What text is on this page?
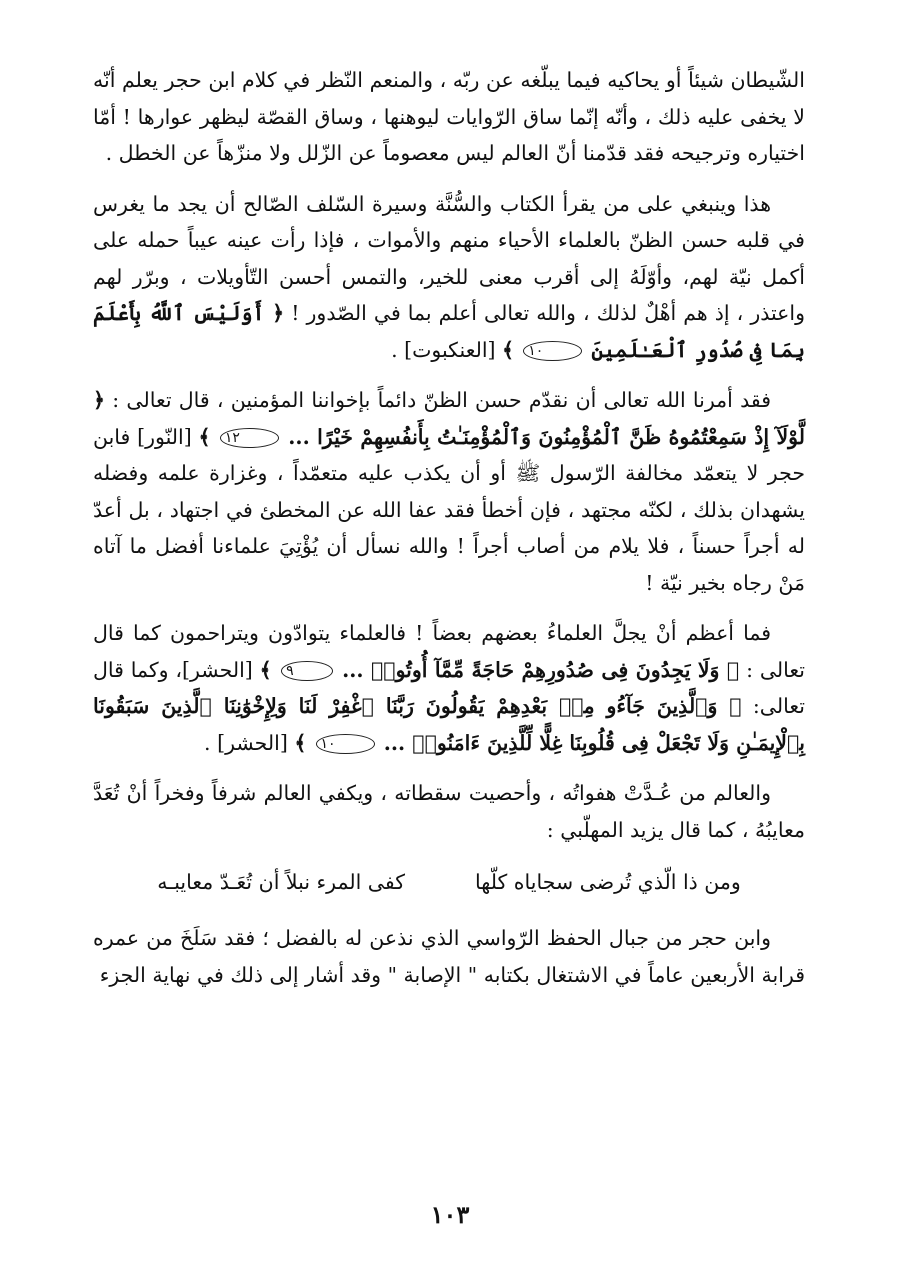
الشّيطان شيئاً أو يحاكيه فيما يبلّغه عن ربّه ، والمنعم النّظر في كلام ابن حجر يعلم أنّه لا يخفى عليه ذلك ، وأنّه إنّما ساق الرّوايات ليوهنها ، وساق القصّة ليظهر عوارها ! أمّا اختياره وترجيحه فقد قدّمنا أنّ العالم ليس معصوماً عن الزّلل ولا منزّهاً عن الخطل .

هذا وينبغي على من يقرأ الكتاب والسُّنَّة وسيرة السّلف الصّالح أن يجد ما يغرس في قلبه حسن الظنّ بالعلماء الأحياء منهم والأموات ، فإذا رأت عينه عيباً حمله على أكمل نيّة لهم، وأوّلَهُ إلى أقرب معنى للخير، والتمس أحسن التّأويلات ، وبرّر لهم واعتذر ، إذ هم أهْلٌ لذلك ، والله تعالى أعلم بما في الصّدور ! ﴿ أَوَلَيْسَ ٱللَّهُ بِأَعْلَمَ بِمَا فِى صُدُورِ ٱلْعَـٰلَمِينَ ١٠ ﴾ [العنكبوت] .

فقد أمرنا الله تعالى أن نقدّم حسن الظنّ دائماً بإخواننا المؤمنين ، قال تعالى : ﴿ لَّوْلَآ إِذْ سَمِعْتُمُوهُ ظَنَّ ٱلْمُؤْمِنُونَ وَٱلْمُؤْمِنَـٰتُ بِأَنفُسِهِمْ خَيْرًا ... ١٢ ﴾ [النّور] فابن حجر لا يتعمّد مخالفة الرّسول ﷺ أو أن يكذب عليه متعمّداً ، وغزارة علمه وفضله يشهدان بذلك ، لكنّه مجتهد ، فإن أخطأ فقد عفا الله عن المخطئ في اجتهاد ، بل أعدّ له أجراً حسناً ، فلا يلام من أصاب أجراً ! والله نسأل أن يُؤْتِيَ علماءنا أفضل ما آتاه مَنْ رجاه بخير نيّة !

فما أعظم أنْ يجلَّ العلماءُ بعضهم بعضاً ! فالعلماء يتوادّون ويتراحمون كما قال تعالى : ﴿ وَلَا يَجِدُونَ فِى صُدُورِهِمْ حَاجَةً مِّمَّآ أُوتُوا۟ ... ٩ ﴾ [الحشر]، وكما قال تعالى: ﴿ وَٱلَّذِينَ جَآءُو مِنۢ بَعْدِهِمْ يَقُولُونَ رَبَّنَا ٱغْفِرْ لَنَا وَلِإِخْوَٰنِنَا ٱلَّذِينَ سَبَقُونَا بِٱلْإِيمَـٰنِ وَلَا تَجْعَلْ فِى قُلُوبِنَا غِلًّا لِّلَّذِينَ ءَامَنُوا۟ ... ١٠ ﴾ [الحشر] .

والعالم من عُـدَّتْ هفواتُه ، وأحصيت سقطاته ، ويكفي العالم شرفاً وفخراً أنْ تُعَدَّ معايبُهُ ، كما قال يزيد المهلّبي :

ومن ذا الّذي تُرضى سجاياه كلّها
كفى المرء نبلاً أن تُعَـدّ معايبـه

وابن حجر من جبال الحفظ الرّواسي الذي نذعن له بالفضل ؛ فقد سَلَخَ من عمره قرابة الأربعين عاماً في الاشتغال بكتابه " الإصابة " وقد أشار إلى ذلك في نهاية الجزء

١٠٣
